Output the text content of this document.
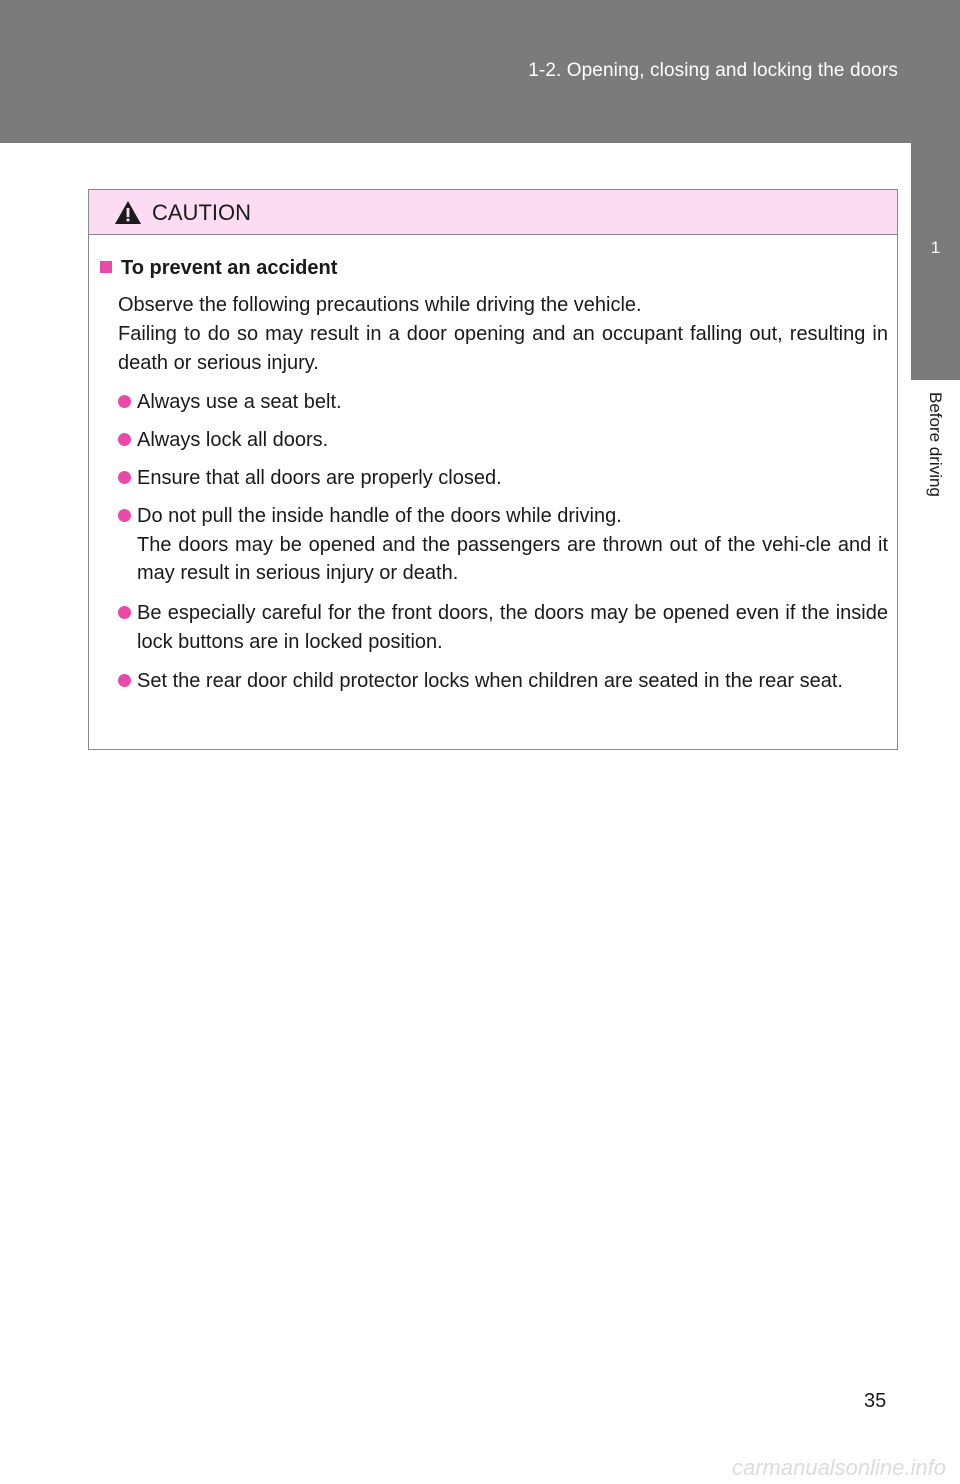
1-2. Opening, closing and locking the doors
1
Before driving
CAUTION
To prevent an accident

Observe the following precautions while driving the vehicle.

Failing to do so may result in a door opening and an occupant falling out, resulting in death or serious injury.

Always use a seat belt.
Always lock all doors.
Ensure that all doors are properly closed.
Do not pull the inside handle of the doors while driving.
The doors may be opened and the passengers are thrown out of the vehi-cle and it may result in serious injury or death.
Be especially careful for the front doors, the doors may be opened even if the inside lock buttons are in locked position.
Set the rear door child protector locks when children are seated in the rear seat.
35
carmanualsonline.info
